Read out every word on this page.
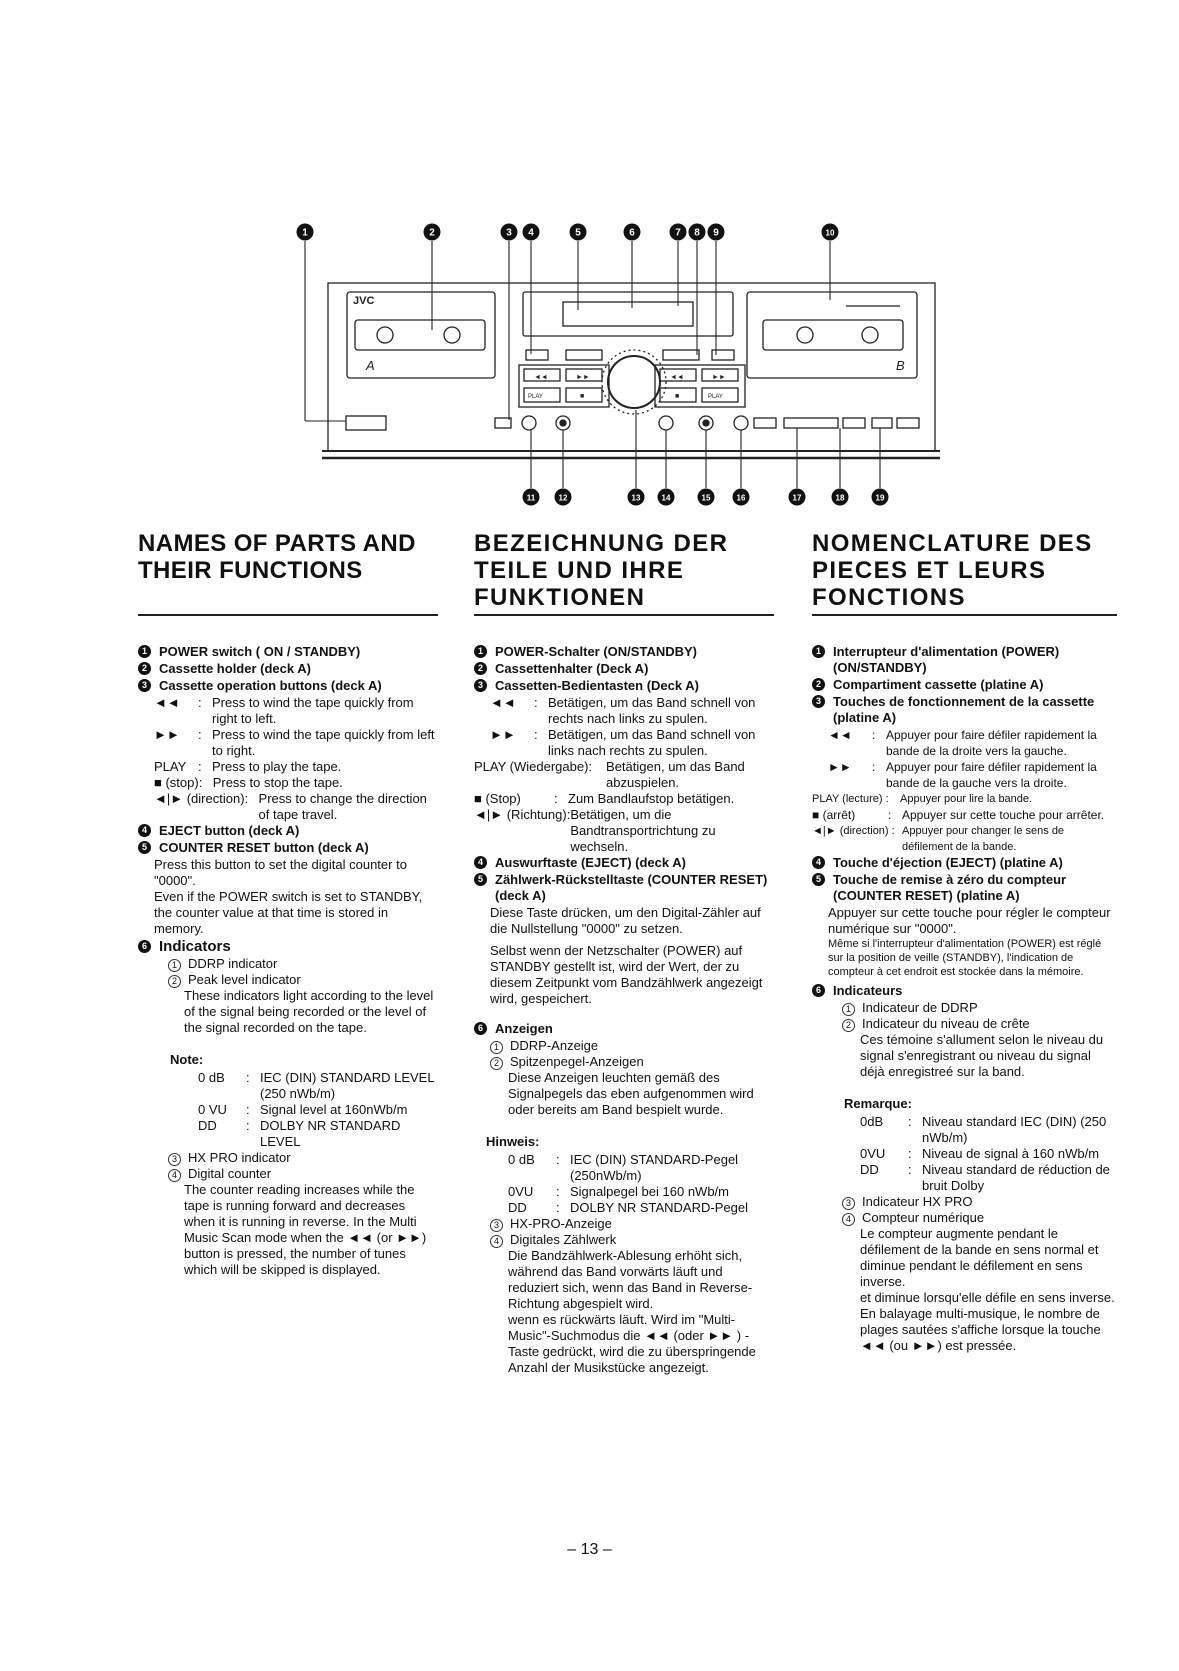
JVC
A	B
◄◄	►►
PLAY	■
◄◄	►►
■	PLAY
1	2	3 4	5	6	7 8 9	10
11	12	13	14	15	16	17	18	19
NAMES OF PARTS AND
THEIR FUNCTIONS
1 POWER switch ( ON / STANDBY)
2 Cassette holder (deck A)
3 Cassette operation buttons (deck A)
◄◄	: Press to wind the tape quickly from right to left.
►►	: Press to wind the tape quickly from left to right.
PLAY : Press to play the tape.
■ (stop) : Press to stop the tape.
◄|► (direction) : Press to change the direction of tape travel.
4 EJECT button (deck A)
5 COUNTER RESET button (deck A)
Press this button to set the digital counter to "0000".
Even if the POWER switch is set to STANDBY, the counter value at that time is stored in memory.
6 Indicators
1 DDRP indicator
2 Peak level indicator
These indicators light according to the level of the signal being recorded or the level of the signal recorded on the tape.
Note:
0 dB	: IEC (DIN) STANDARD LEVEL (250 nWb/m)
0 VU	: Signal level at 160nWb/m
DD	: DOLBY NR STANDARD LEVEL
3 HX PRO indicator
4 Digital counter
The counter reading increases while the tape is running forward and decreases when it is running in reverse. In the Multi Music Scan mode when the ◄◄ (or ►►) button is pressed, the number of tunes which will be skipped is displayed.
BEZEICHNUNG DER
TEILE UND IHRE
FUNKTIONEN
1 POWER-Schalter (ON/STANDBY)
2 Cassettenhalter (Deck A)
3 Cassetten-Bedientasten (Deck A)
◄◄	: Betätigen, um das Band schnell von rechts nach links zu spulen.
►►	: Betätigen, um das Band schnell von links nach rechts zu spulen.
PLAY (Wiedergabe): Betätigen, um das Band abzuspielen.
■ (Stop)	: Zum Bandlaufstop betätigen.
◄|► (Richtung): Betätigen, um die Bandtransportrichtung zu wechseln.
4 Auswurftaste (EJECT) (deck A)
5 Zählwerk-Rückstelltaste (COUNTER RESET) (deck A)
Diese Taste drücken, um den Digital-Zähler auf die Nullstellung "0000" zu setzen.
Selbst wenn der Netzschalter (POWER) auf STANDBY gestellt ist, wird der Wert, der zu diesem Zeitpunkt vom Bandzählwerk angezeigt wird, gespeichert.
6 Anzeigen
1 DDRP-Anzeige
2 Spitzenpegel-Anzeigen
Diese Anzeigen leuchten gemäß des Signalpegels das eben aufgenommen wird oder bereits am Band bespielt wurde.
Hinweis:
0 dB	: IEC (DIN) STANDARD-Pegel (250nWb/m)
0VU	: Signalpegel bei 160 nWb/m
DD	: DOLBY NR STANDARD-Pegel
3 HX-PRO-Anzeige
4 Digitales Zählwerk
Die Bandzählwerk-Ablesung erhöht sich, während das Band vorwärts läuft und reduziert sich, wenn das Band in Reverse-Richtung abgespielt wird.
wenn es rückwärts läuft. Wird im "Multi-Music"-Suchmodus die ◄◄ (oder ►► ) -Taste gedrückt, wird die zu überspringende Anzahl der Musikstücke angezeigt.
NOMENCLATURE DES
PIECES ET LEURS
FONCTIONS
1 Interrupteur d'alimentation (POWER) (ON/STANDBY)
2 Compartiment cassette (platine A)
3 Touches de fonctionnement de la cassette (platine A)
◄◄	: Appuyer pour faire défiler rapidement la bande de la droite vers la gauche.
►►	: Appuyer pour faire défiler rapidement la bande de la gauche vers la droite.
PLAY (lecture) :	Appuyer pour lire la bande.
■ (arrêt)	: Appuyer sur cette touche pour arrêter.
◄|► (direction) : Appuyer pour changer le sens de défilement de la bande.
4 Touche d'éjection (EJECT) (platine A)
5 Touche de remise à zéro du compteur (COUNTER RESET) (platine A)
Appuyer sur cette touche pour régler le compteur numérique sur "0000".
Même si l'interrupteur d'alimentation (POWER) est réglé sur la position de veille (STANDBY), l'indication de compteur à cet endroit est stockée dans la mémoire.
6 Indicateurs
1 Indicateur de DDRP
2 Indicateur du niveau de crête
Ces témoine s'allument selon le niveau du signal s'enregistrant ou niveau du signal déjà enregistreé sur la band.
Remarque:
0dB	: Niveau standard IEC (DIN) (250 nWb/m)
0VU	: Niveau de signal à 160 nWb/m
DD	: Niveau standard de réduction de bruit Dolby
3 Indicateur HX PRO
4 Compteur numérique
Le compteur augmente pendant le défilement de la bande en sens normal et diminue pendant le défilement en sens inverse.
et diminue lorsqu'elle défile en sens inverse. En balayage multi-musique, le nombre de plages sautées s'affiche lorsque la touche ◄◄ (ou ►►) est pressée.
– 13 –
